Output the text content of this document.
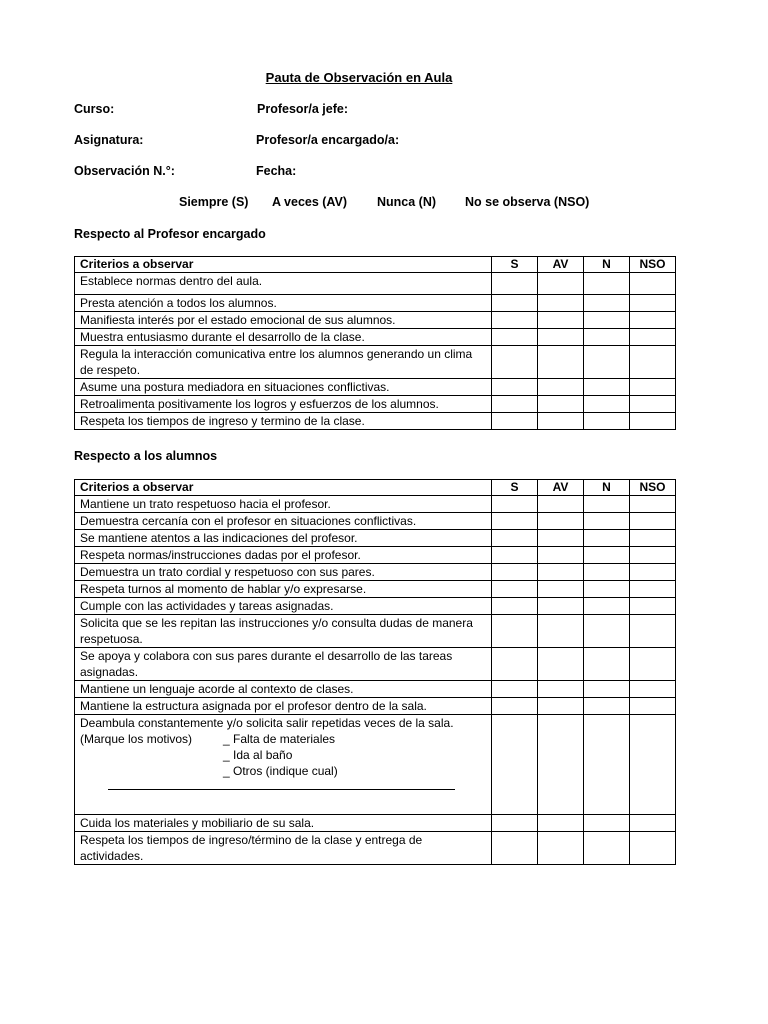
Pauta de Observación en Aula
Curso:	Profesor/a jefe:
Asignatura:	Profesor/a encargado/a:
Observación N.°:	Fecha:
Siempre (S) A veces (AV) Nunca (N) No se observa (NSO)
Respecto al Profesor encargado
Criterios a observar	S	AV	N	NSO
Establece normas dentro del aula.				
Presta atención a todos los alumnos.				
Manifiesta interés por el estado emocional de sus alumnos.				
Muestra entusiasmo durante el desarrollo de la clase.				
Regula la interacción comunicativa entre los alumnos generando un clima de respeto.				
Asume una postura mediadora en situaciones conflictivas.				
Retroalimenta positivamente los logros y esfuerzos de los alumnos.				
Respeta los tiempos de ingreso y termino de la clase.				
Respecto a los alumnos
Criterios a observar	S	AV	N	NSO
Mantiene un trato respetuoso hacia el profesor.				
Demuestra cercanía con el profesor en situaciones conflictivas.				
Se mantiene atentos a las indicaciones del profesor.				
Respeta normas/instrucciones dadas por el profesor.				
Demuestra un trato cordial y respetuoso con sus pares.				
Respeta turnos al momento de hablar y/o expresarse.				
Cumple con las actividades y tareas asignadas.				
Solicita que se les repitan las instrucciones y/o consulta dudas de manera respetuosa.				
Se apoya y colabora con sus pares durante el desarrollo de las tareas asignadas.				
Mantiene un lenguaje acorde al contexto de clases.				
Mantiene la estructura asignada por el profesor dentro de la sala.				

Deambula constantemente y/o solicita salir repetidas veces de la sala.
(Marque los motivos) _ Falta de materiales
_ Ida al baño
_ Otros (indique cual)				

Cuida los materiales y mobiliario de su sala.				
Respeta los tiempos de ingreso/término de la clase y entrega de actividades.				
